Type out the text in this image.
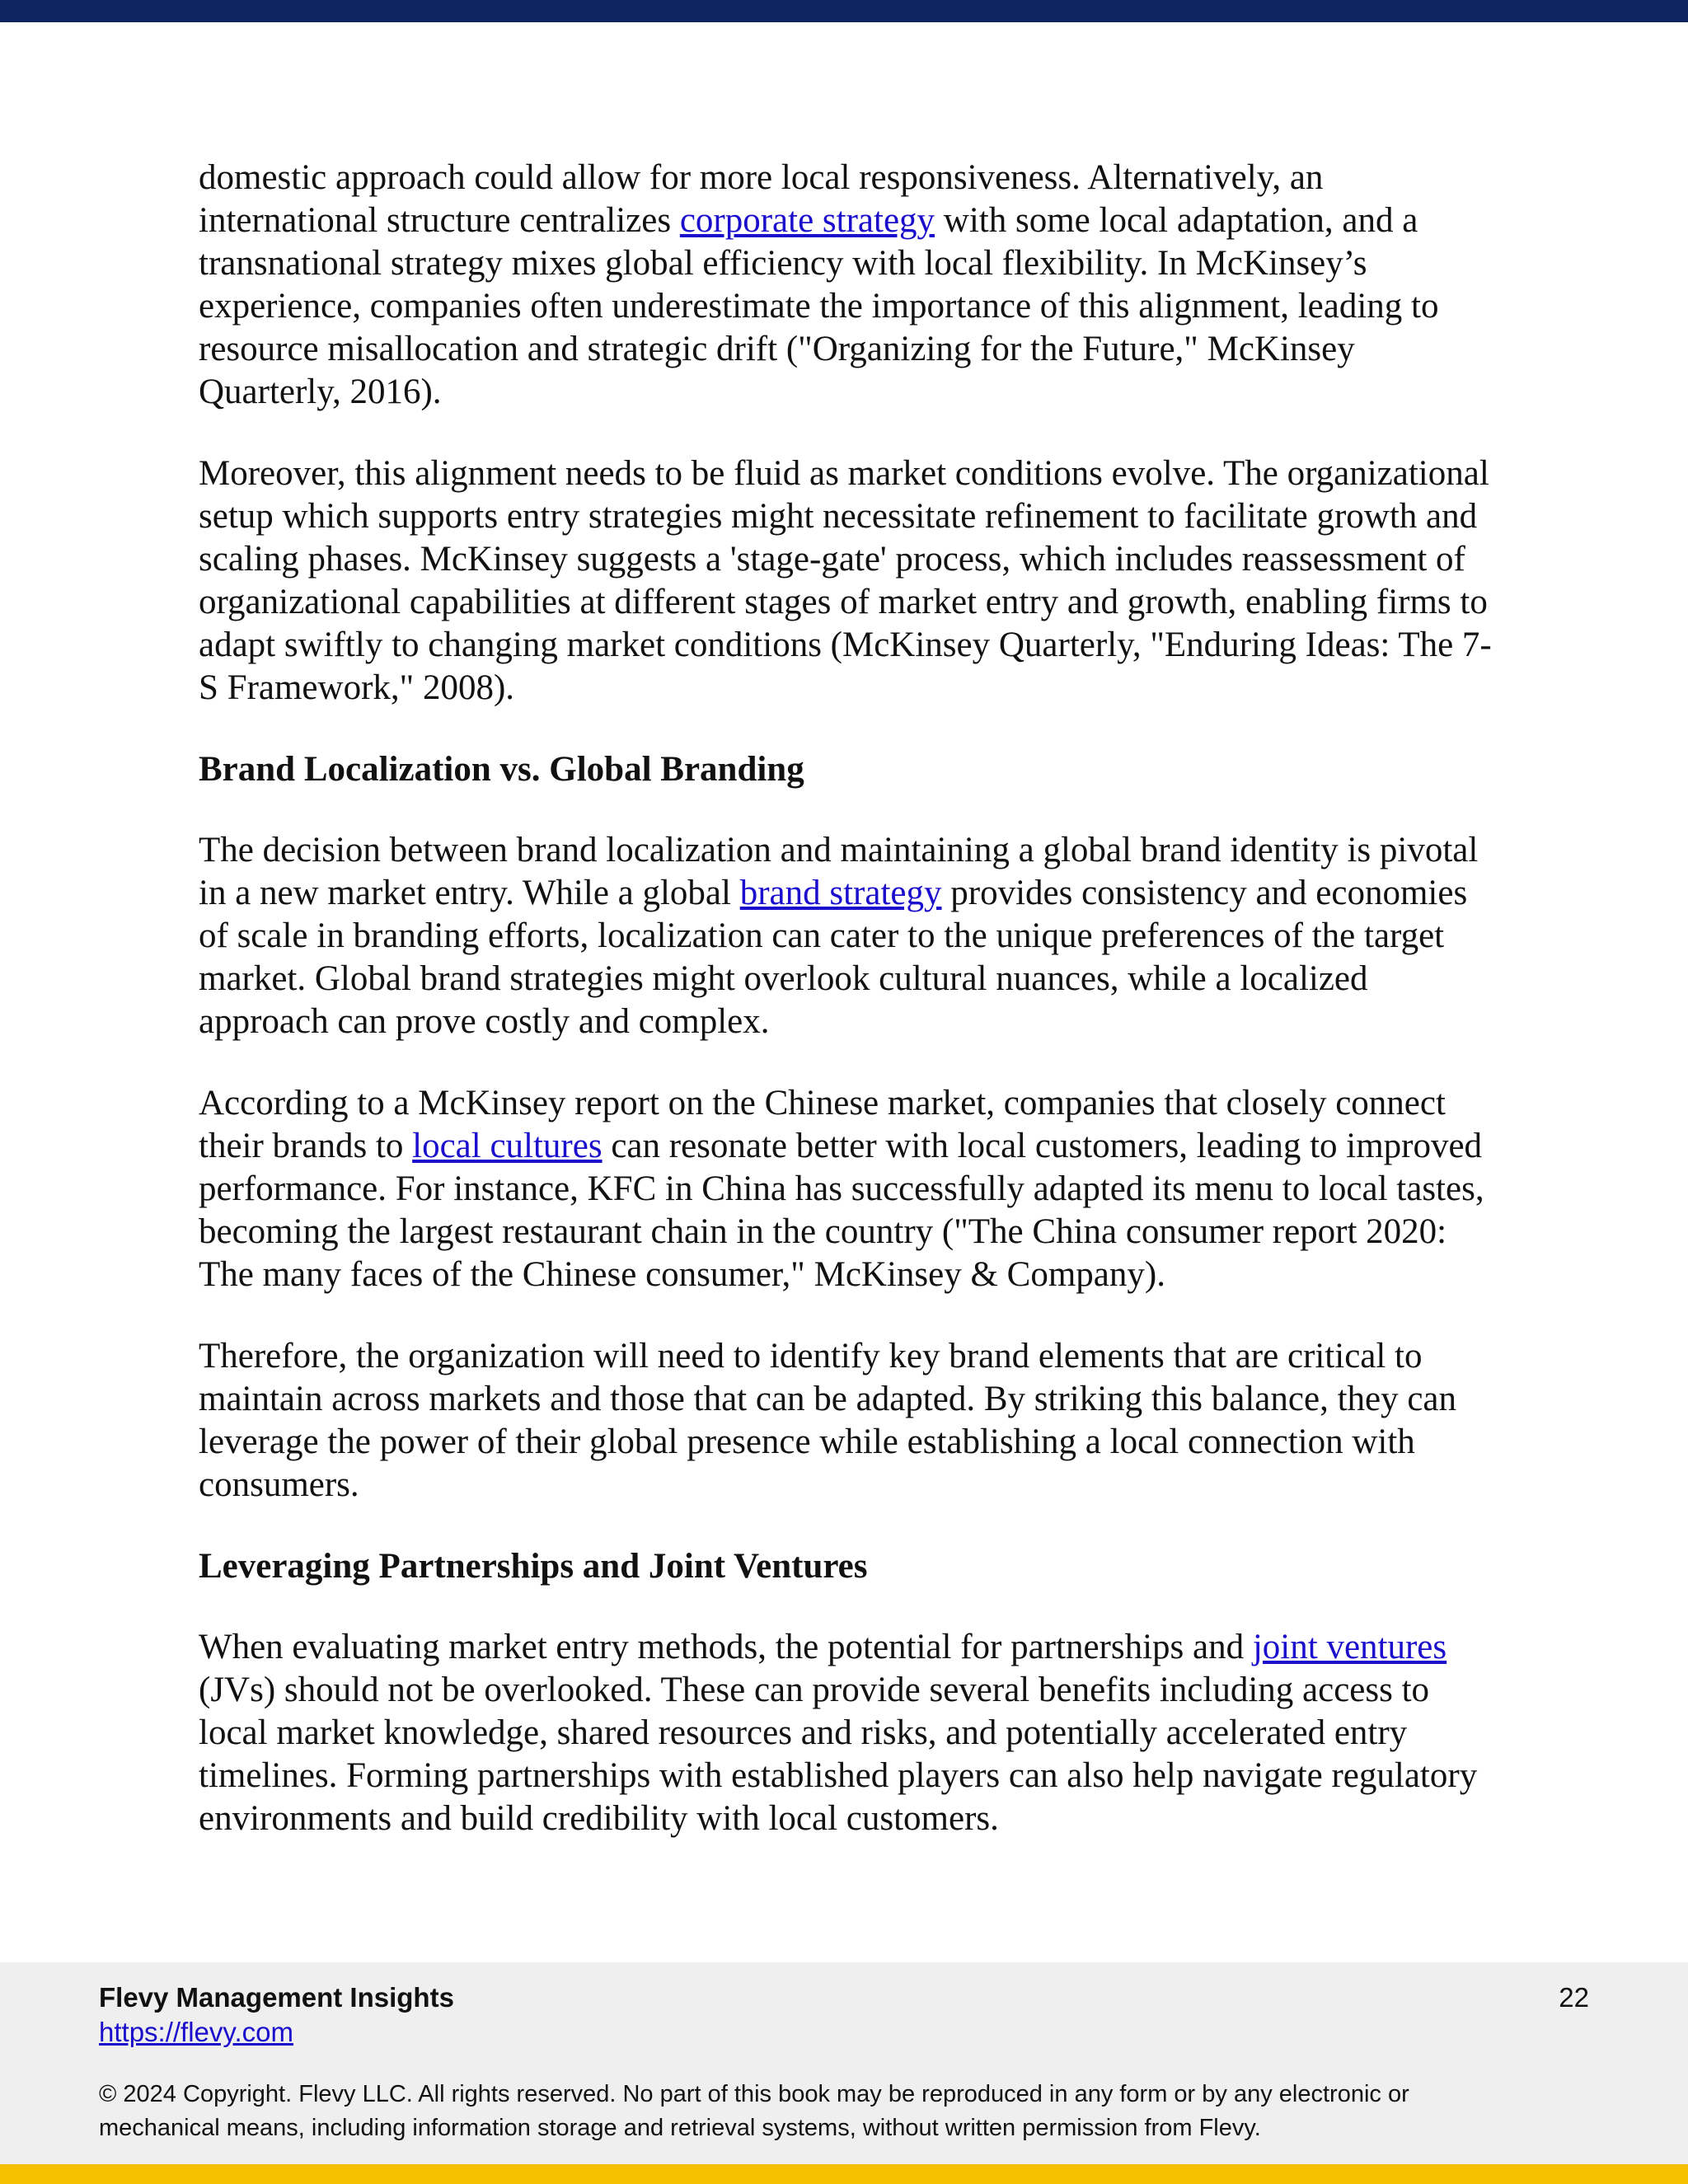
domestic approach could allow for more local responsiveness. Alternatively, an international structure centralizes corporate strategy with some local adaptation, and a transnational strategy mixes global efficiency with local flexibility. In McKinsey’s experience, companies often underestimate the importance of this alignment, leading to resource misallocation and strategic drift ("Organizing for the Future," McKinsey Quarterly, 2016).

Moreover, this alignment needs to be fluid as market conditions evolve. The organizational setup which supports entry strategies might necessitate refinement to facilitate growth and scaling phases. McKinsey suggests a 'stage-gate' process, which includes reassessment of organizational capabilities at different stages of market entry and growth, enabling firms to adapt swiftly to changing market conditions (McKinsey Quarterly, "Enduring Ideas: The 7-S Framework," 2008).

Brand Localization vs. Global Branding

The decision between brand localization and maintaining a global brand identity is pivotal in a new market entry. While a global brand strategy provides consistency and economies of scale in branding efforts, localization can cater to the unique preferences of the target market. Global brand strategies might overlook cultural nuances, while a localized approach can prove costly and complex.

According to a McKinsey report on the Chinese market, companies that closely connect their brands to local cultures can resonate better with local customers, leading to improved performance. For instance, KFC in China has successfully adapted its menu to local tastes, becoming the largest restaurant chain in the country ("The China consumer report 2020: The many faces of the Chinese consumer," McKinsey & Company).

Therefore, the organization will need to identify key brand elements that are critical to maintain across markets and those that can be adapted. By striking this balance, they can leverage the power of their global presence while establishing a local connection with consumers.

Leveraging Partnerships and Joint Ventures

When evaluating market entry methods, the potential for partnerships and joint ventures (JVs) should not be overlooked. These can provide several benefits including access to local market knowledge, shared resources and risks, and potentially accelerated entry timelines. Forming partnerships with established players can also help navigate regulatory environments and build credibility with local customers.

Flevy Management Insights
https://flevy.com
22
© 2024 Copyright. Flevy LLC. All rights reserved. No part of this book may be reproduced in any form or by any electronic or mechanical means, including information storage and retrieval systems, without written permission from Flevy.
